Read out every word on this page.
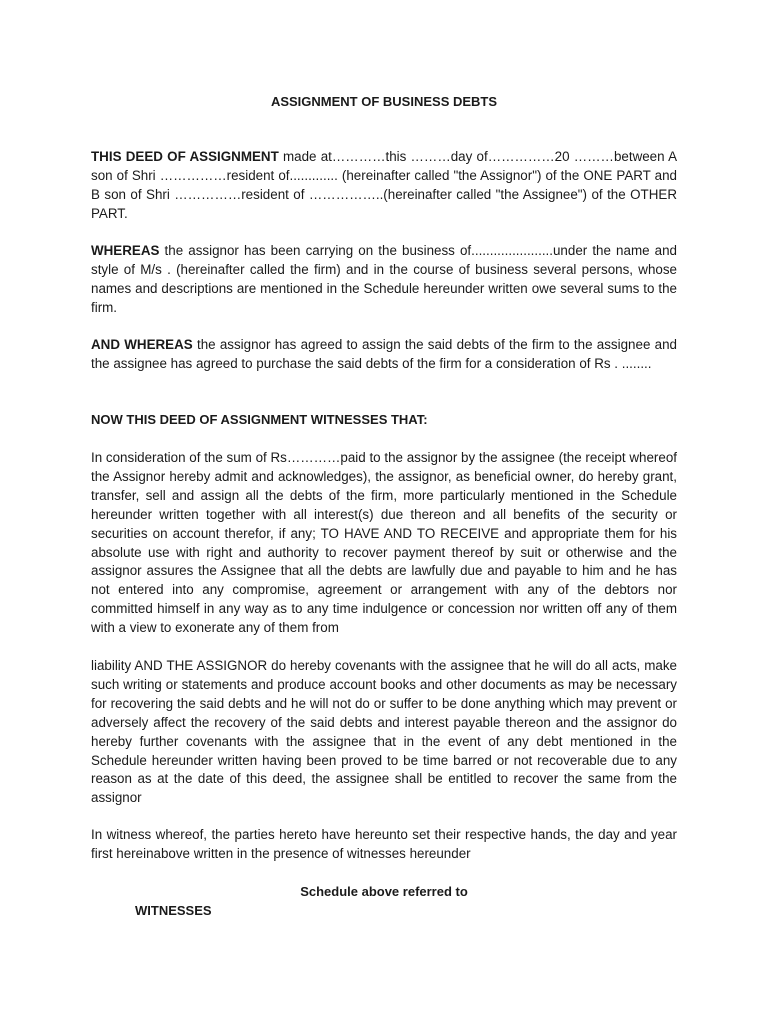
ASSIGNMENT OF BUSINESS DEBTS

THIS DEED OF ASSIGNMENT made at…………this ………day of……………20 ………between A son of Shri ……………resident of............. (hereinafter called "the Assignor") of the ONE PART and B son of Shri ……………resident of ……………..(hereinafter called "the Assignee") of the OTHER PART.

WHEREAS the assignor has been carrying on the business of......................under the name and style of M/s . (hereinafter called the firm) and in the course of business several persons, whose names and descriptions are mentioned in the Schedule hereunder written owe several sums to the firm.

AND WHEREAS the assignor has agreed to assign the said debts of the firm to the assignee and the assignee has agreed to purchase the said debts of the firm for a consideration of Rs . ........

NOW THIS DEED OF ASSIGNMENT WITNESSES THAT:

In consideration of the sum of Rs…………paid to the assignor by the assignee (the receipt whereof the Assignor hereby admit and acknowledges), the assignor, as beneficial owner, do hereby grant, transfer, sell and assign all the debts of the firm, more particularly mentioned in the Schedule hereunder written together with all interest(s) due thereon and all benefits of the security or securities on account therefor, if any; TO HAVE AND TO RECEIVE and appropriate them for his absolute use with right and authority to recover payment thereof by suit or otherwise and the assignor assures the Assignee that all the debts are lawfully due and payable to him and he has not entered into any compromise, agreement or arrangement with any of the debtors nor committed himself in any way as to any time indulgence or concession nor written off any of them with a view to exonerate any of them from

liability AND THE ASSIGNOR do hereby covenants with the assignee that he will do all acts, make such writing or statements and produce account books and other documents as may be necessary for recovering the said debts and he will not do or suffer to be done anything which may prevent or adversely affect the recovery of the said debts and interest payable thereon and the assignor do hereby further covenants with the assignee that in the event of any debt mentioned in the Schedule hereunder written having been proved to be time barred or not recoverable due to any reason as at the date of this deed, the assignee shall be entitled to recover the same from the assignor

In witness whereof, the parties hereto have hereunto set their respective hands, the day and year first hereinabove written in the presence of witnesses hereunder

Schedule above referred to
WITNESSES
